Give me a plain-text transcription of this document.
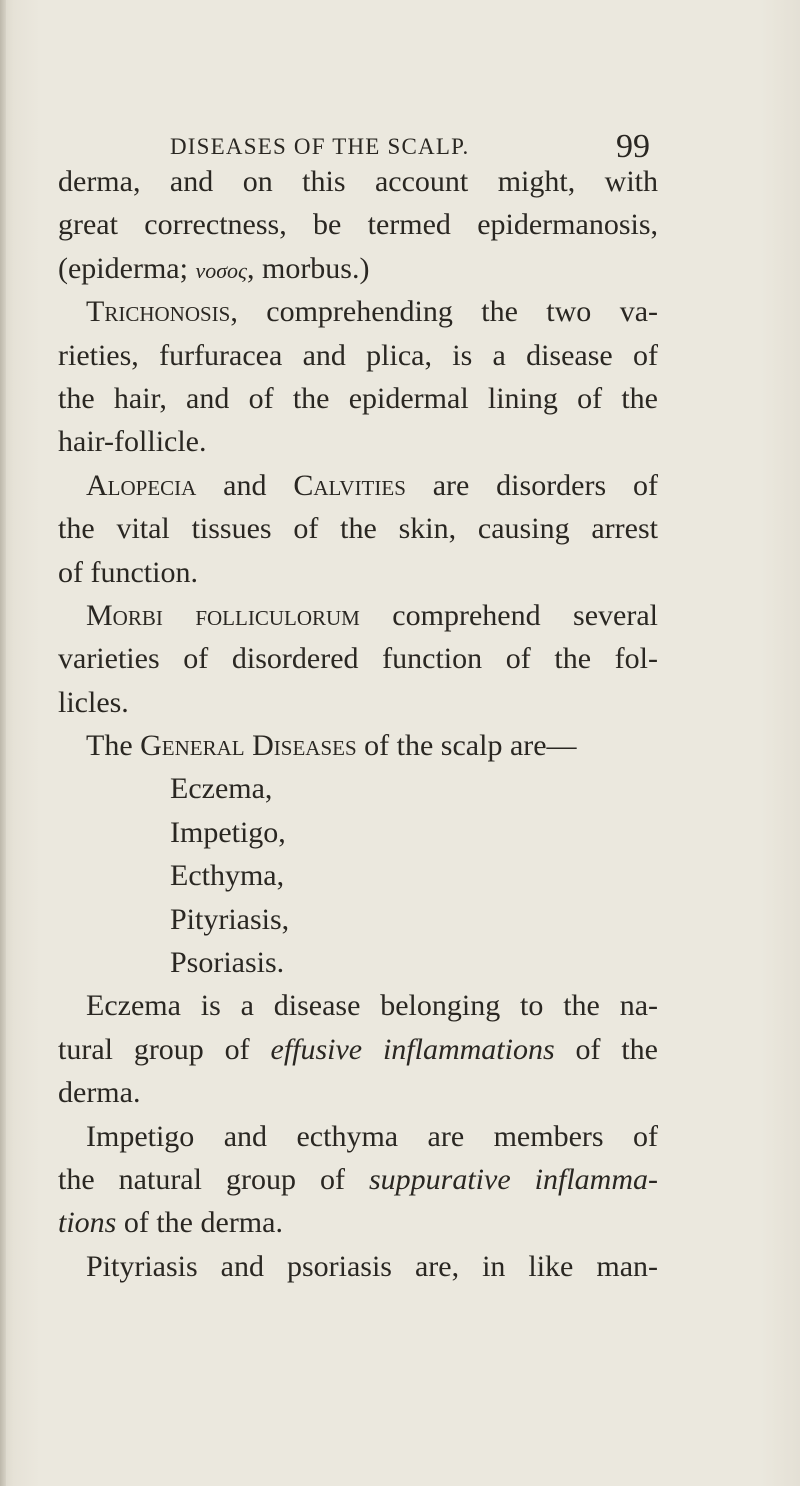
DISEASES OF THE SCALP.	99
derma, and on this account might, with
great correctness, be termed epidermanosis,
(epiderma; νοσος, morbus.)
Trichonosis, comprehending the two va-
rieties, furfuracea and plica, is a disease of
the hair, and of the epidermal lining of the
hair-follicle.
Alopecia and Calvities are disorders of
the vital tissues of the skin, causing arrest
of function.
Morbi folliculorum comprehend several
varieties of disordered function of the fol-
licles.
The General Diseases of the scalp are—
Eczema,
Impetigo,
Ecthyma,
Pityriasis,
Psoriasis.
Eczema is a disease belonging to the na-
tural group of effusive inflammations of the
derma.
Impetigo and ecthyma are members of
the natural group of suppurative inflamma-
tions of the derma.
Pityriasis and psoriasis are, in like man-
